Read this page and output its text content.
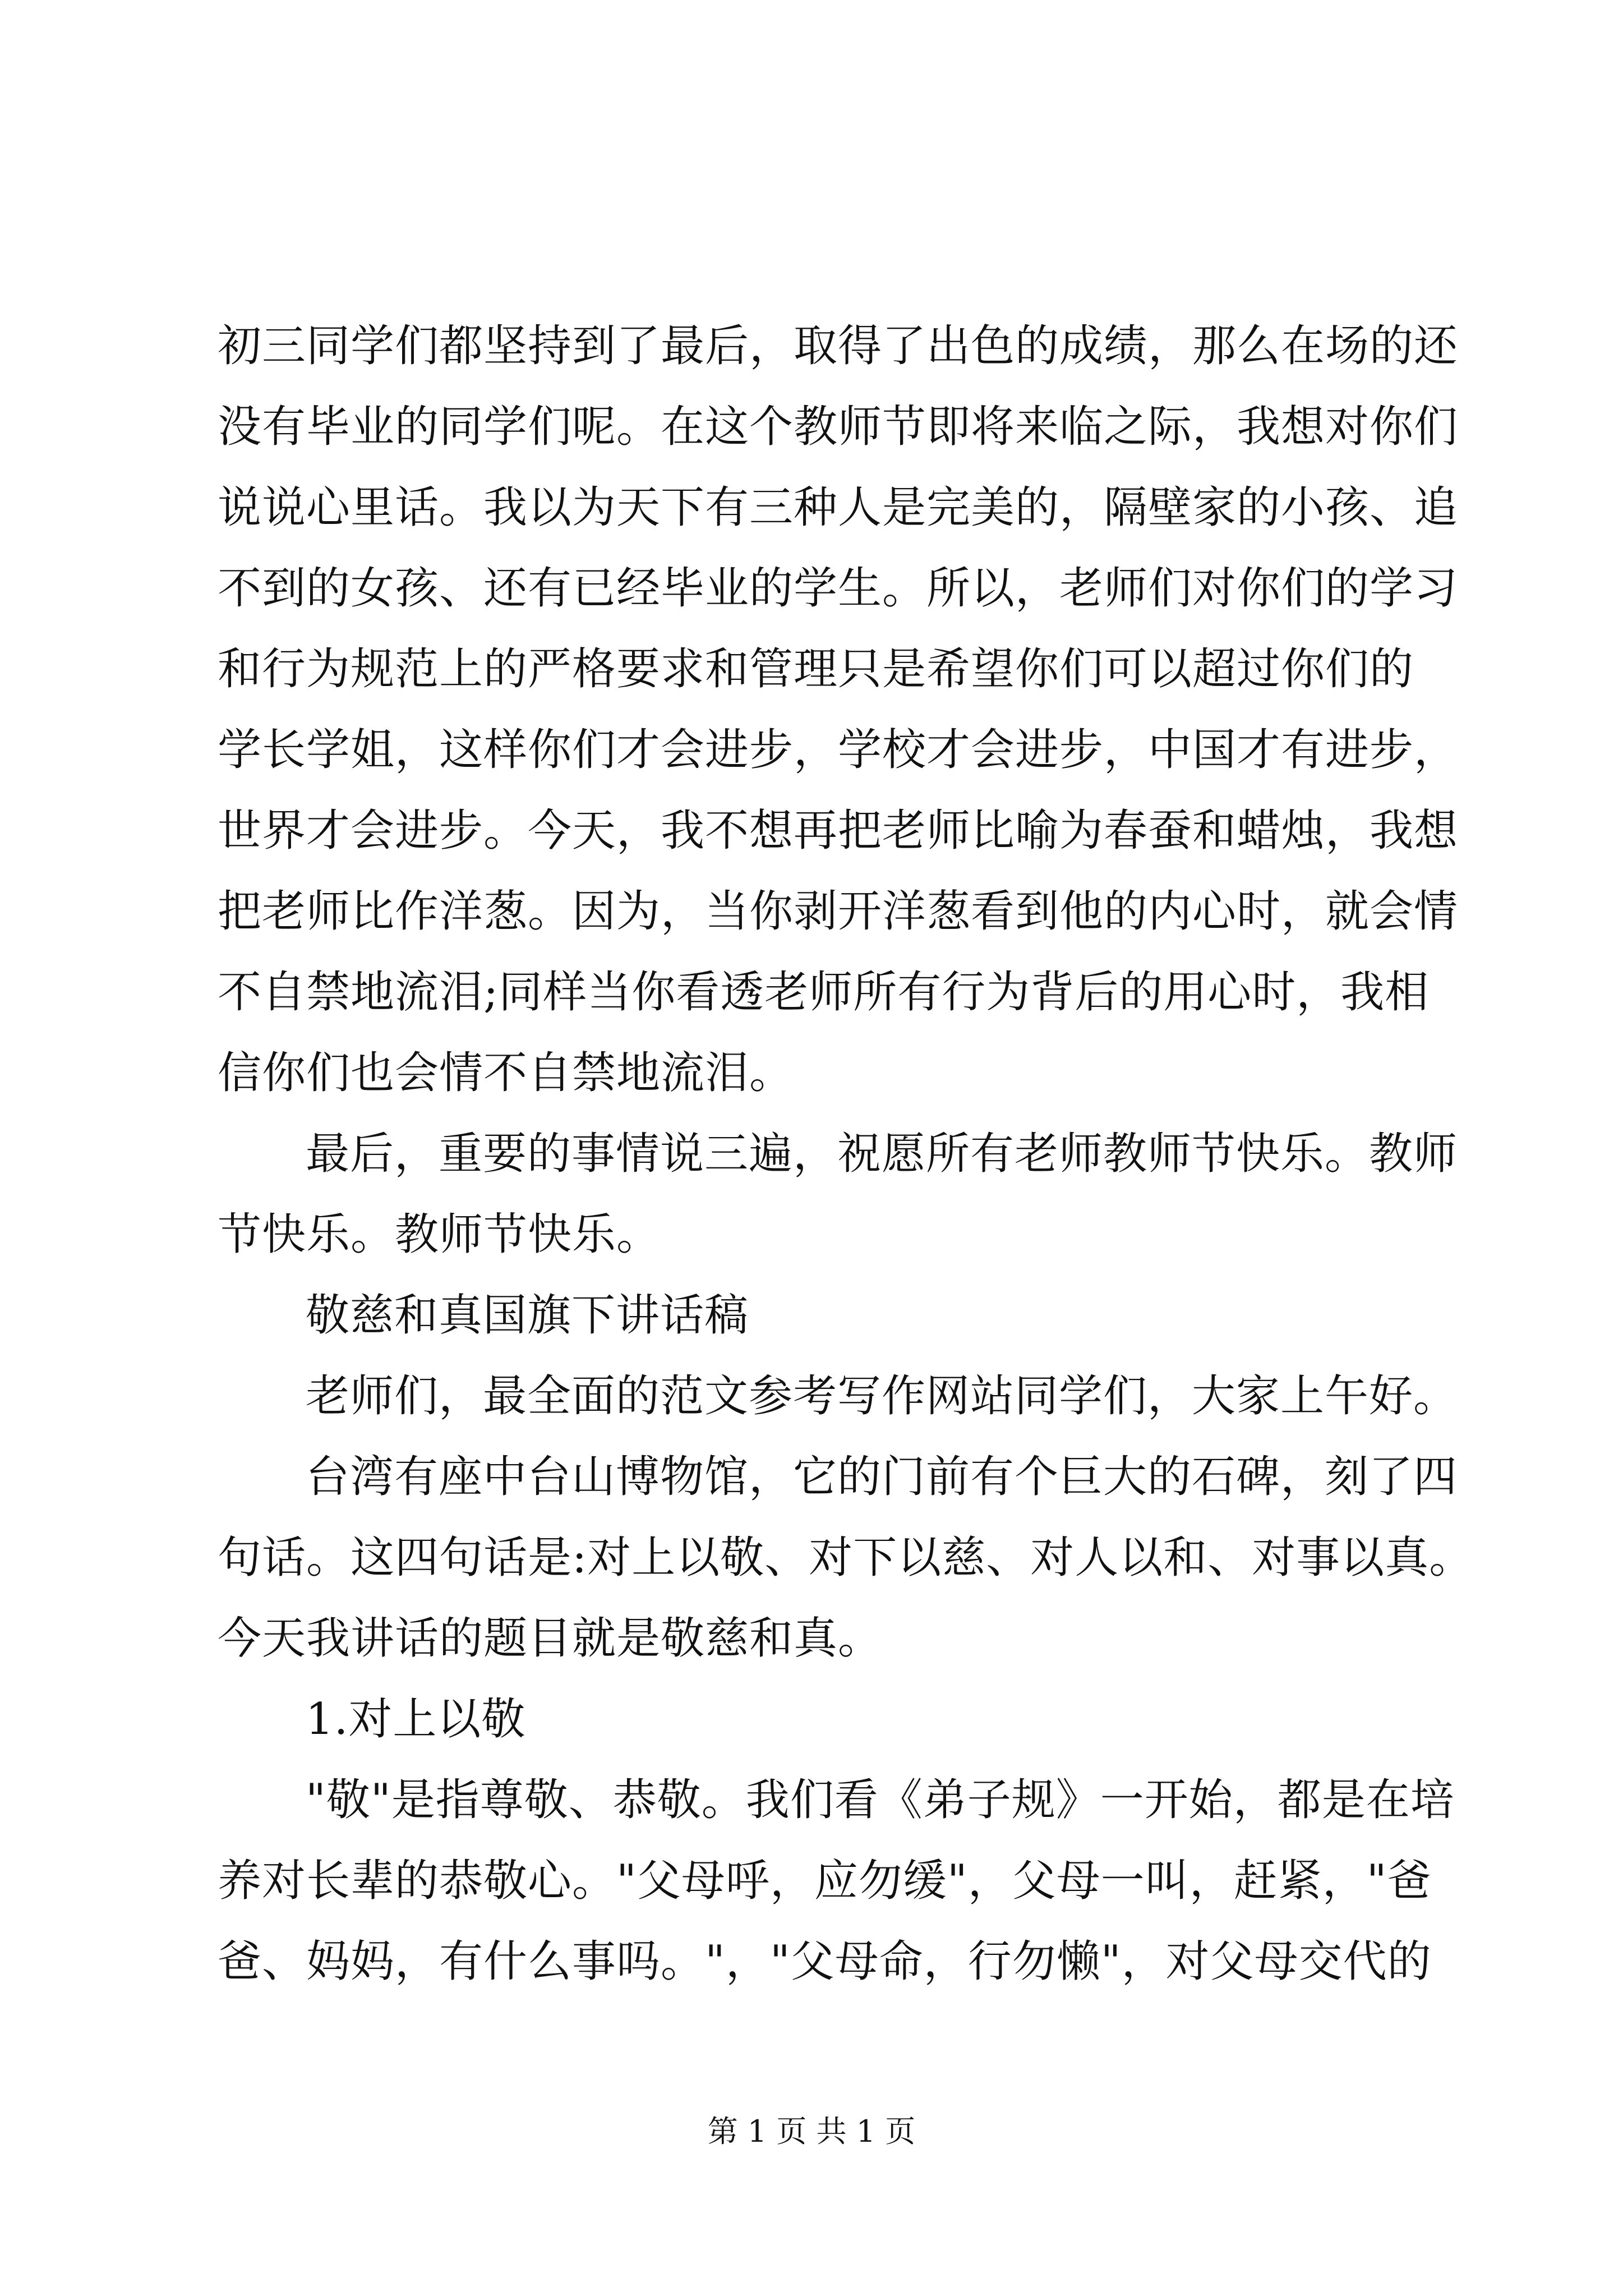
初三同学们都坚持到了最后，取得了出色的成绩，那么在场的还
没有毕业的同学们呢。在这个教师节即将来临之际，我想对你们
说说心里话。我以为天下有三种人是完美的，隔壁家的小孩、追
不到的女孩、还有已经毕业的学生。所以，老师们对你们的学习
和行为规范上的严格要求和管理只是希望你们可以超过你们的
学长学姐，这样你们才会进步，学校才会进步，中国才有进步，
世界才会进步。今天，我不想再把老师比喻为春蚕和蜡烛，我想
把老师比作洋葱。因为，当你剥开洋葱看到他的内心时，就会情
不自禁地流泪;同样当你看透老师所有行为背后的用心时，我相
信你们也会情不自禁地流泪。
最后，重要的事情说三遍，祝愿所有老师教师节快乐。教师
节快乐。教师节快乐。
敬慈和真国旗下讲话稿
老师们，最全面的范文参考写作网站同学们，大家上午好。
台湾有座中台山博物馆，它的门前有个巨大的石碑，刻了四
句话。这四句话是:对上以敬、对下以慈、对人以和、对事以真。
今天我讲话的题目就是敬慈和真。
1.对上以敬
"敬"是指尊敬、恭敬。我们看《弟子规》一开始，都是在培
养对长辈的恭敬心。"父母呼，应勿缓"，父母一叫，赶紧，"爸
爸、妈妈，有什么事吗。"，"父母命，行勿懒"，对父母交代的
第 1 页 共 1 页
